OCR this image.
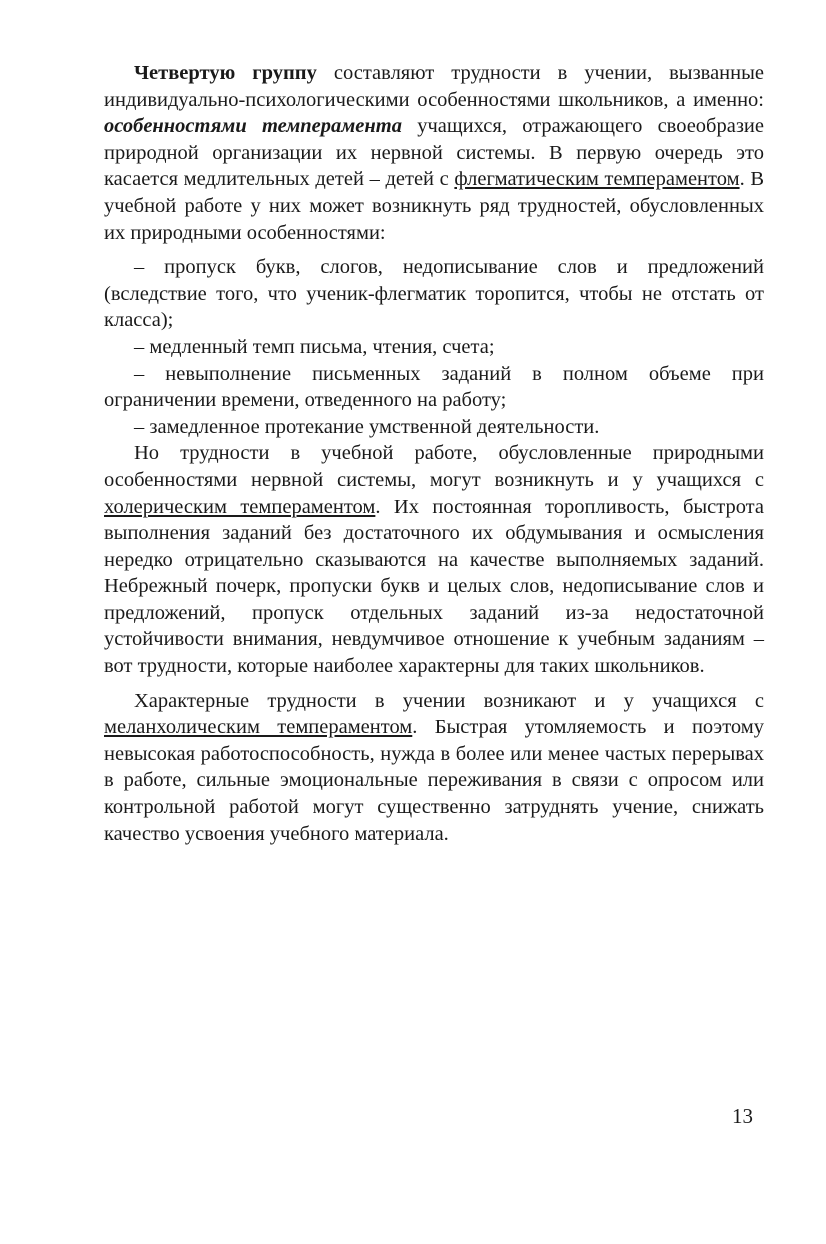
Четвертую группу составляют трудности в учении, вызванные индивидуально-психологическими особенностями школьников, а именно: особенностями темперамента учащихся, отражающего своеобразие природной организации их нервной системы. В первую очередь это касается медлительных детей – детей с флегматическим темпераментом. В учебной работе у них может возникнуть ряд трудностей, обусловленных их природными особенностями:

– пропуск букв, слогов, недописывание слов и предложений (вследствие того, что ученик-флегматик торопится, чтобы не отстать от класса);

– медленный темп письма, чтения, счета;

– невыполнение письменных заданий в полном объеме при ограничении времени, отведенного на работу;

– замедленное протекание умственной деятельности.

Но трудности в учебной работе, обусловленные природными особенностями нервной системы, могут возникнуть и у учащихся с холерическим темпераментом. Их постоянная торопливость, быстрота выполнения заданий без достаточного их обдумывания и осмысления нередко отрицательно сказываются на качестве выполняемых заданий. Небрежный почерк, пропуски букв и целых слов, недописывание слов и предложений, пропуск отдельных заданий из-за недостаточной устойчивости внимания, невдумчивое отношение к учебным заданиям – вот трудности, которые наиболее характерны для таких школьников.

Характерные трудности в учении возникают и у учащихся с меланхолическим темпераментом. Быстрая утомляемость и поэтому невысокая работоспособность, нужда в более или менее частых перерывах в работе, сильные эмоциональные переживания в связи с опросом или контрольной работой могут существенно затруднять учение, снижать качество усвоения учебного материала.

13
